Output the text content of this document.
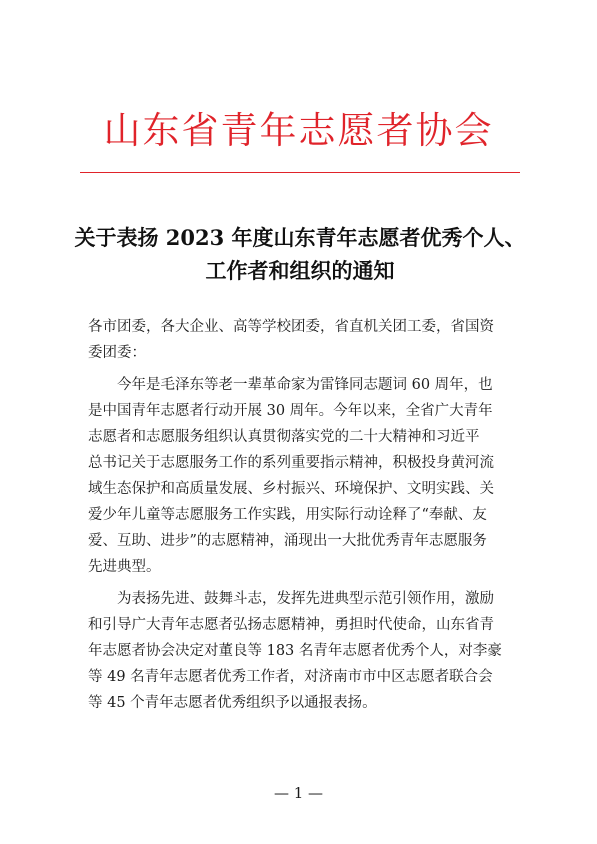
山东省青年志愿者协会
关于表扬 2023 年度山东青年志愿者优秀个人、
工作者和组织的通知
各市团委，各大企业、高等学校团委，省直机关团工委，省国资
委团委：
今年是毛泽东等老一辈革命家为雷锋同志题词 60 周年，也
是中国青年志愿者行动开展 30 周年。今年以来，全省广大青年
志愿者和志愿服务组织认真贯彻落实党的二十大精神和习近平
总书记关于志愿服务工作的系列重要指示精神，积极投身黄河流
域生态保护和高质量发展、乡村振兴、环境保护、文明实践、关
爱少年儿童等志愿服务工作实践，用实际行动诠释了“奉献、友
爱、互助、进步”的志愿精神，涌现出一大批优秀青年志愿服务
先进典型。
为表扬先进、鼓舞斗志，发挥先进典型示范引领作用，激励
和引导广大青年志愿者弘扬志愿精神，勇担时代使命，山东省青
年志愿者协会决定对董良等 183 名青年志愿者优秀个人，对李豪
等 49 名青年志愿者优秀工作者，对济南市市中区志愿者联合会
等 45 个青年志愿者优秀组织予以通报表扬。
— 1 —
